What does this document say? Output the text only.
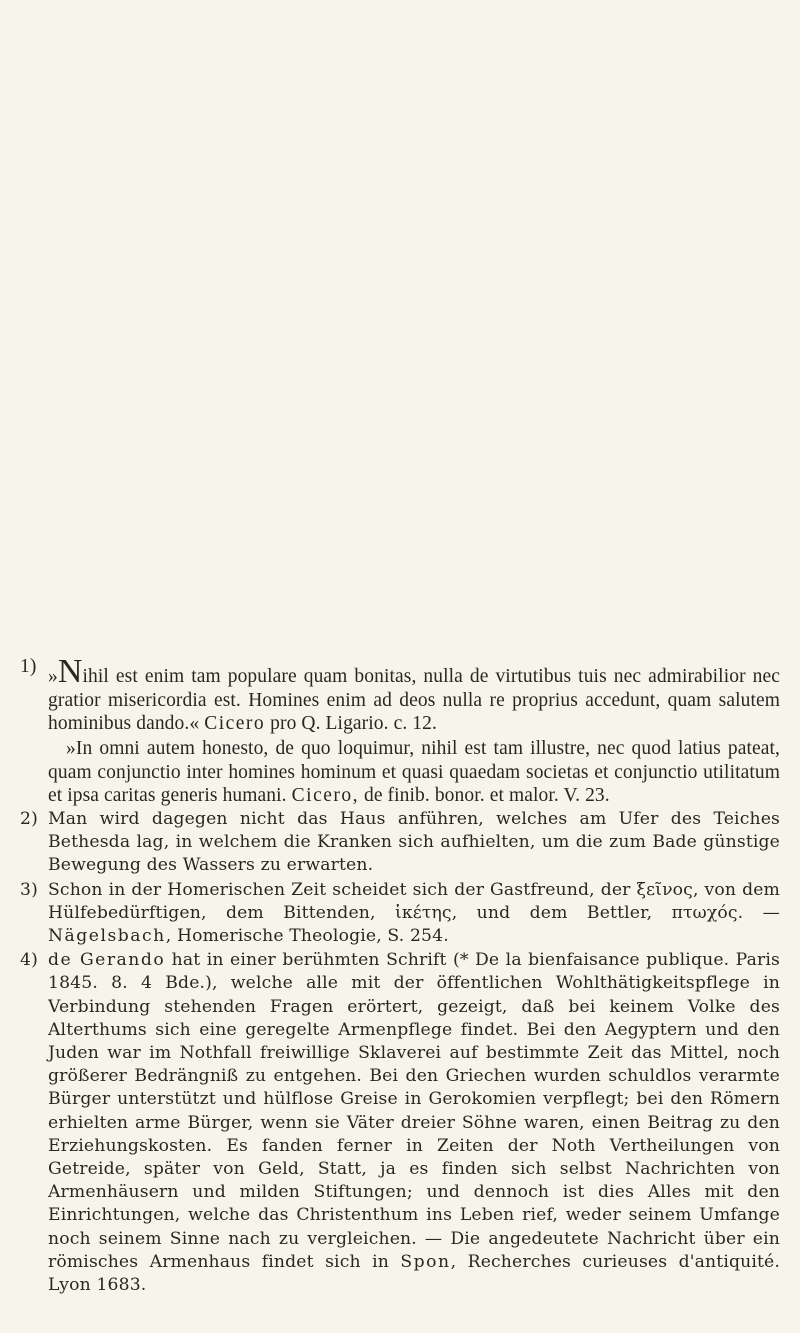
1) »Nihil est enim tam populare quam bonitas, nulla de virtutibus tuis nec admirabilior nec gratior misericordia est. Homines enim ad deos nulla re proprius accedunt, quam salutem hominibus dando.« Cicero pro Q. Ligario. c. 12.

»In omni autem honesto, de quo loquimur, nihil est tam illustre, nec quod latius pateat, quam conjunctio inter homines hominum et quasi quaedam societas et conjunctio utilitatum et ipsa caritas generis humani. Cicero, de finib. bonor. et malor. V. 23.

2) Man wird dagegen nicht das Haus anführen, welches am Ufer des Teiches Bethesda lag, in welchem die Kranken sich aufhielten, um die zum Bade günstige Bewegung des Wassers zu erwarten.
3) Schon in der Homerischen Zeit scheidet sich der Gastfreund, der ξεῖνος, von dem Hülfebedürftigen, dem Bittenden, ἱκέτης, und dem Bettler, πτωχός. — Nägelsbach, Homerische Theologie, S. 254.
4) de Gerando hat in einer berühmten Schrift (* De la bienfaisance publique. Paris 1845. 8. 4 Bde.), welche alle mit der öffentlichen Wohlthätigkeitspflege in Verbindung stehenden Fragen erörtert, gezeigt, daß bei keinem Volke des Alterthums sich eine geregelte Armenpflege findet. Bei den Aegyptern und den Juden war im Nothfall freiwillige Sklaverei auf bestimmte Zeit das Mittel, noch größerer Bedrängniß zu entgehen. Bei den Griechen wurden schuldlos verarmte Bürger unterstützt und hülflose Greise in Gerokomien verpflegt; bei den Römern erhielten arme Bürger, wenn sie Väter dreier Söhne waren, einen Beitrag zu den Erziehungskosten. Es fanden ferner in Zeiten der Noth Vertheilungen von Getreide, später von Geld, Statt, ja es finden sich selbst Nachrichten von Armenhäusern und milden Stiftungen; und dennoch ist dies Alles mit den Einrichtungen, welche das Christenthum ins Leben rief, weder seinem Umfange noch seinem Sinne nach zu vergleichen. — Die angedeutete Nachricht über ein römisches Armenhaus findet sich in Spon, Recherches curieuses d'antiquité. Lyon 1683.
